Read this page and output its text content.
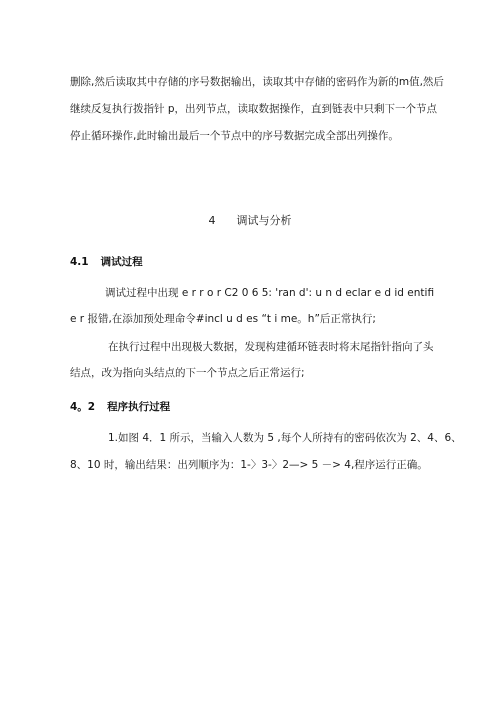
删除,然后读取其中存储的序号数据输出，读取其中存储的密码作为新的m值,然后
继续反复执行拨指针 p，出列节点，读取数据操作，直到链表中只剩下一个节点
停止循环操作,此时输出最后一个节点中的序号数据完成全部出列操作。
4 调试与分析
4.1 调试过程
调试过程中出现 e r r o r C2 0 6 5: 'ran d': u n d eclar e d id entifi
e r 报错,在添加预处理命令#incl u d es “t i me。h”后正常执行;
在执行过程中出现极大数据，发现构建循环链表时将末尾指针指向了头
结点，改为指向头结点的下一个节点之后正常运行;
4。2 程序执行过程
1.如图 4．1 所示，当输入人数为 5 ,每个人所持有的密码依次为 2、4、6、
8、10 时，输出结果：出列顺序为：1-〉3-〉2—> 5 －> 4,程序运行正确。
